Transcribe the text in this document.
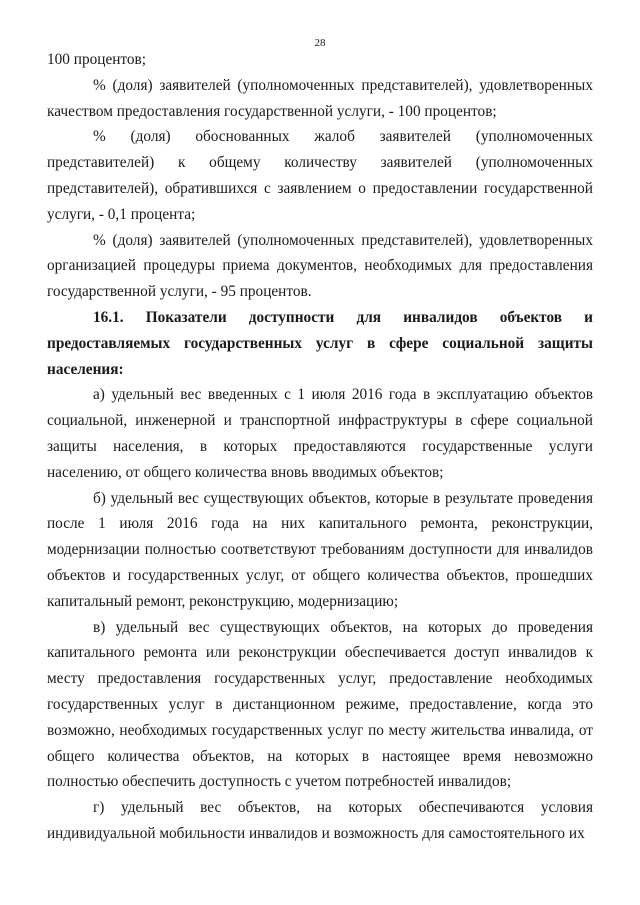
28

100 процентов;

% (доля) заявителей (уполномоченных представителей), удовлетворенных качеством предоставления государственной услуги, - 100 процентов;

% (доля) обоснованных жалоб заявителей (уполномоченных представителей) к общему количеству заявителей (уполномоченных представителей), обратившихся с заявлением о предоставлении государственной услуги, - 0,1 процента;

% (доля) заявителей (уполномоченных представителей), удовлетворенных организацией процедуры приема документов, необходимых для предоставления государственной услуги, - 95 процентов.

16.1. Показатели доступности для инвалидов объектов и предоставляемых государственных услуг в сфере социальной защиты населения:

а) удельный вес введенных с 1 июля 2016 года в эксплуатацию объектов социальной, инженерной и транспортной инфраструктуры в сфере социальной защиты населения, в которых предоставляются государственные услуги населению, от общего количества вновь вводимых объектов;

б) удельный вес существующих объектов, которые в результате проведения после 1 июля 2016 года на них капитального ремонта, реконструкции, модернизации полностью соответствуют требованиям доступности для инвалидов объектов и государственных услуг, от общего количества объектов, прошедших капитальный ремонт, реконструкцию, модернизацию;

в) удельный вес существующих объектов, на которых до проведения капитального ремонта или реконструкции обеспечивается доступ инвалидов к месту предоставления государственных услуг, предоставление необходимых государственных услуг в дистанционном режиме, предоставление, когда это возможно, необходимых государственных услуг по месту жительства инвалида, от общего количества объектов, на которых в настоящее время невозможно полностью обеспечить доступность с учетом потребностей инвалидов;

г) удельный вес объектов, на которых обеспечиваются условия индивидуальной мобильности инвалидов и возможность для самостоятельного их
